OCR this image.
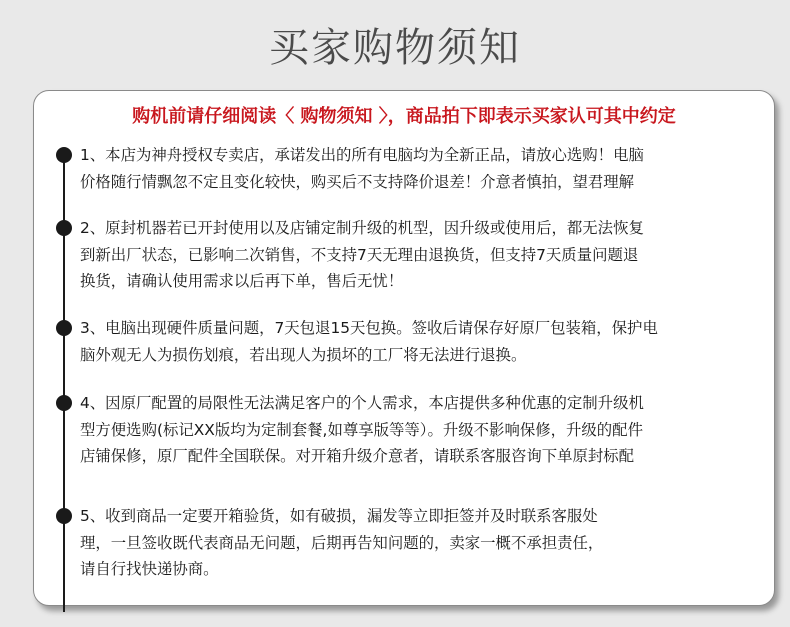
买家购物须知
购机前请仔细阅读〈 购物须知 〉，商品拍下即表示买家认可其中约定
1、本店为神舟授权专卖店，承诺发出的所有电脑均为全新正品，请放心选购！电脑
价格随行情飘忽不定且变化较快，购买后不支持降价退差！介意者慎拍，望君理解
2、原封机器若已开封使用以及店铺定制升级的机型，因升级或使用后，都无法恢复
到新出厂状态，已影响二次销售，不支持7天无理由退换货，但支持7天质量问题退
换货，请确认使用需求以后再下单，售后无忧！
3、电脑出现硬件质量问题，7天包退15天包换。签收后请保存好原厂包装箱，保护电
脑外观无人为损伤划痕，若出现人为损坏的工厂将无法进行退换。
4、因原厂配置的局限性无法满足客户的个人需求，本店提供多种优惠的定制升级机
型方便选购(标记XX版均为定制套餐,如尊享版等等）。升级不影响保修，升级的配件
店铺保修，原厂配件全国联保。对开箱升级介意者，请联系客服咨询下单原封标配
5、收到商品一定要开箱验货，如有破损，漏发等立即拒签并及时联系客服处
理，一旦签收既代表商品无问题，后期再告知问题的，卖家一概不承担责任，
请自行找快递协商。
